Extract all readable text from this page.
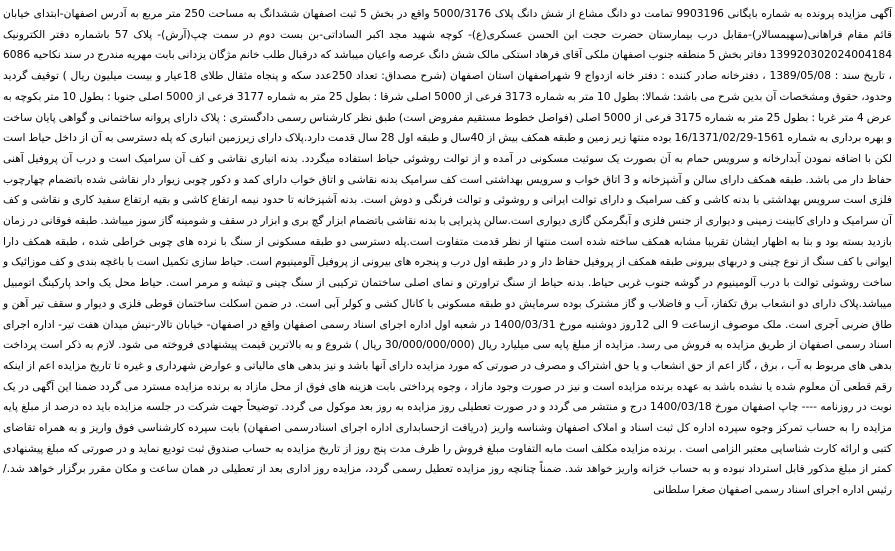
آگهی مزایده پرونده به شماره بایگانی 9903196 تمامت دو دانگ مشاع از شش دانگ پلاک 5000/3176 واقع در بخش 5 ثبت اصفهان ششدانگ به مساحت 250 متر مربع به آدرس اصفهان-ابتدای خیابان قائم مقام فراهانی(سهیمسالار)-مقابل درب بیمارستان حضرت حجت ابن الحسن عسکری(ع)- کوچه شهید مجد اکبر الساداتی-بن بست دوم در سمت چپ(آرش)- پلاک 57 باشماره دفتر الکترونیک 139920302024004184 دفاتر بخش 5 منطقه جنوب اصفهان ملکی آقای فرهاد استکی مالک شش دانگ عرصه واعیان میباشد که درقبال طلب خانم مژگان یزدانی بابت مهریه مندرج در سند نکاحیه 6086 ، تاریخ سند : 1389/05/08 ، دفترخانه صادر کننده : دفتر خانه ازدواج 9 شهراصفهان استان اصفهان (شرح مصداق: تعداد 250عدد سکه و پنجاه مثقال طلای 18عیار و بیست میلیون ریال ) توقیف گردید وحدود، حقوق ومشخصات آن بدین شرح می باشد: شمالا: بطول 10 متر به شماره 3173 فرعی از 5000 اصلی شرقا : بطول 25 متر به شماره 3177 فرعی از 5000 اصلی جنوبا : بطول 10 متر بکوچه به عرض 4 متر غربا : بطول 25 متر به شماره 3175 فرعی از 5000 اصلی (فواصل خطوط مستقیم مفروض است) طبق نظر کارشناس رسمی دادگستری : پلاک دارای پروانه ساختمانی و گواهی پایان ساخت و بهره برداری به شماره 1561-16/1371/02/29 بوده منتها زیر زمین و طبقه همکف بیش از 40سال و طبقه اول 28 سال قدمت دارد.پلاک دارای زیرزمین انباری که پله دسترسی به آن از داخل حیاط است لکن با اضافه نمودن آبدارخانه و سرویس حمام به آن بصورت یک سوئیت مسکونی در آمده و از توالت روشوئی حیاط استفاده میگردد. بدنه انباری نقاشی و کف آن سرامیک است و درب آن پروفیل آهنی حفاظ دار می باشد. طبقه همکف دارای سالن و آشپزخانه و 3 اتاق خواب و سرویس بهداشتی است کف سرامیک بدنه نقاشی و اتاق خواب دارای کمد و دکور چوبی زیوار دار نقاشی شده باتضمام چهارچوب فلزی است سرویس بهداشتی با بدنه کاشی و کف سرامیک و دارای توالت ایرانی و روشوئی و توالت فرنگی و دوش است. بدنه آشپزخانه تا حدود نیمه ارتفاع کاشی و بقیه ارتفاع سفید کاری و نقاشی و کف آن سرامیک و دارای کابینت زمینی و دیواری از جنس فلزی و آبگرمکن گازی دیواری است.سالن پذیرایی با بدنه نقاشی باتضمام ابزار گچ بری و ابزار در سقف و شومینه گاز سوز میباشد. طبقه فوقانی در زمان بازدید بسته بود و بنا به اظهار ایشان تقریبا مشابه همکف ساخته شده است منتها از نظر قدمت متفاوت است.پله دسترسی دو طبقه مسکونی از سنگ با نرده های چوبی خراطی شده ، طبقه همکف دارا ایوانی با کف سنگ از نوع چینی و دربهای بیرونی طبقه همکف از پروفیل حفاظ دار و در طبقه اول درب و پنجره های بیرونی از پروفیل آلومینیوم است. حیاط سازی تکمیل است با باغچه بندی و کف موزائیک و ساخت روشوئی توالت با درب آلومینیوم در گوشه جنوب غربی حیاط. بدنه حیاط از سنگ تراورتن و نمای اصلی ساختمان ترکیبی از سنگ چینی و تیشه و مرمر است. حیاط محل یک واحد پارکینگ اتومبیل میباشد.پلاک دارای دو انشعاب برق تکفاز، آب و فاضلاب و گاز مشترک بوده سرمایش دو طبقه مسکونی با کانال کشی و کولر آبی است. در ضمن اسکلت ساختمان قوطی فلزی و دیوار و سقف تیر آهن و طاق ضربی آجری است. ملک موصوف ازساعت 9 الی 12روز دوشنبه مورخ 1400/03/31 در شعبه اول اداره اجرای اسناد رسمی اصفهان واقع در اصفهان- خیابان تالار-نبش میدان هفت تیر- اداره اجرای اسناد رسمی اصفهان از طریق مزایده به فروش می رسد. مزایده از مبلغ پایه سی میلیارد ریال (30/000/000/000 ریال ) شروع و به بالاترین قیمت پیشنهادی فروخته می شود. لازم به ذکر است پرداخت بدهی های مربوط به آب ، برق ، گاز اعم از حق انشعاب و یا حق اشتراک و مصرف در صورتی که مورد مزایده دارای آنها باشد و نیز بدهی های مالیاتی و عوارض شهرداری و غیره تا تاریخ مزایده اعم از اینکه رقم قطعی آن معلوم شده یا نشده باشد به عهده برنده مزایده است و نیز در صورت وجود مازاد ، وجوه پرداختی بابت هزینه های فوق از محل مازاد به برنده مزایده مسترد می گردد ضمنا این آگهی در یک نوبت در روزنامه ---- چاپ اصفهان مورخ 1400/03/18 درج و منتشر می گردد و در صورت تعطیلی روز مزایده به روز بعد موکول می گردد. توضیحاً جهت شرکت در جلسه مزایده باید ده درصد از مبلغ پایه مزایده را به حساب تمرکز وجوه سپرده اداره کل ثبت اسناد و املاک اصفهان وشناسه واریز (دریافت ازحسابداری اداره اجرای اسنادرسمی اصفهان) بابت سپرده کارشناسی فوق واریز و به همراه تقاضای کتبی و ارائه کارت شناسایی معتبر الزامی است . برنده مزایده مکلف است مابه التفاوت مبلغ فروش را ظرف مدت پنج روز از تاریخ مزایده به حساب صندوق ثبت تودیع نماید و در صورتی که مبلغ پیشنهادی کمتر از مبلغ مذکور قابل استرداد نبوده و به حساب خزانه واریز خواهد شد. ضمناً چنانچه روز مزایده تعطیل رسمی گردد، مزایده روز اداری بعد از تعطیلی در همان ساعت و مکان مقرر برگزار خواهد شد./ رئیس اداره اجرای اسناد رسمی اصفهان صغرا سلطانی
